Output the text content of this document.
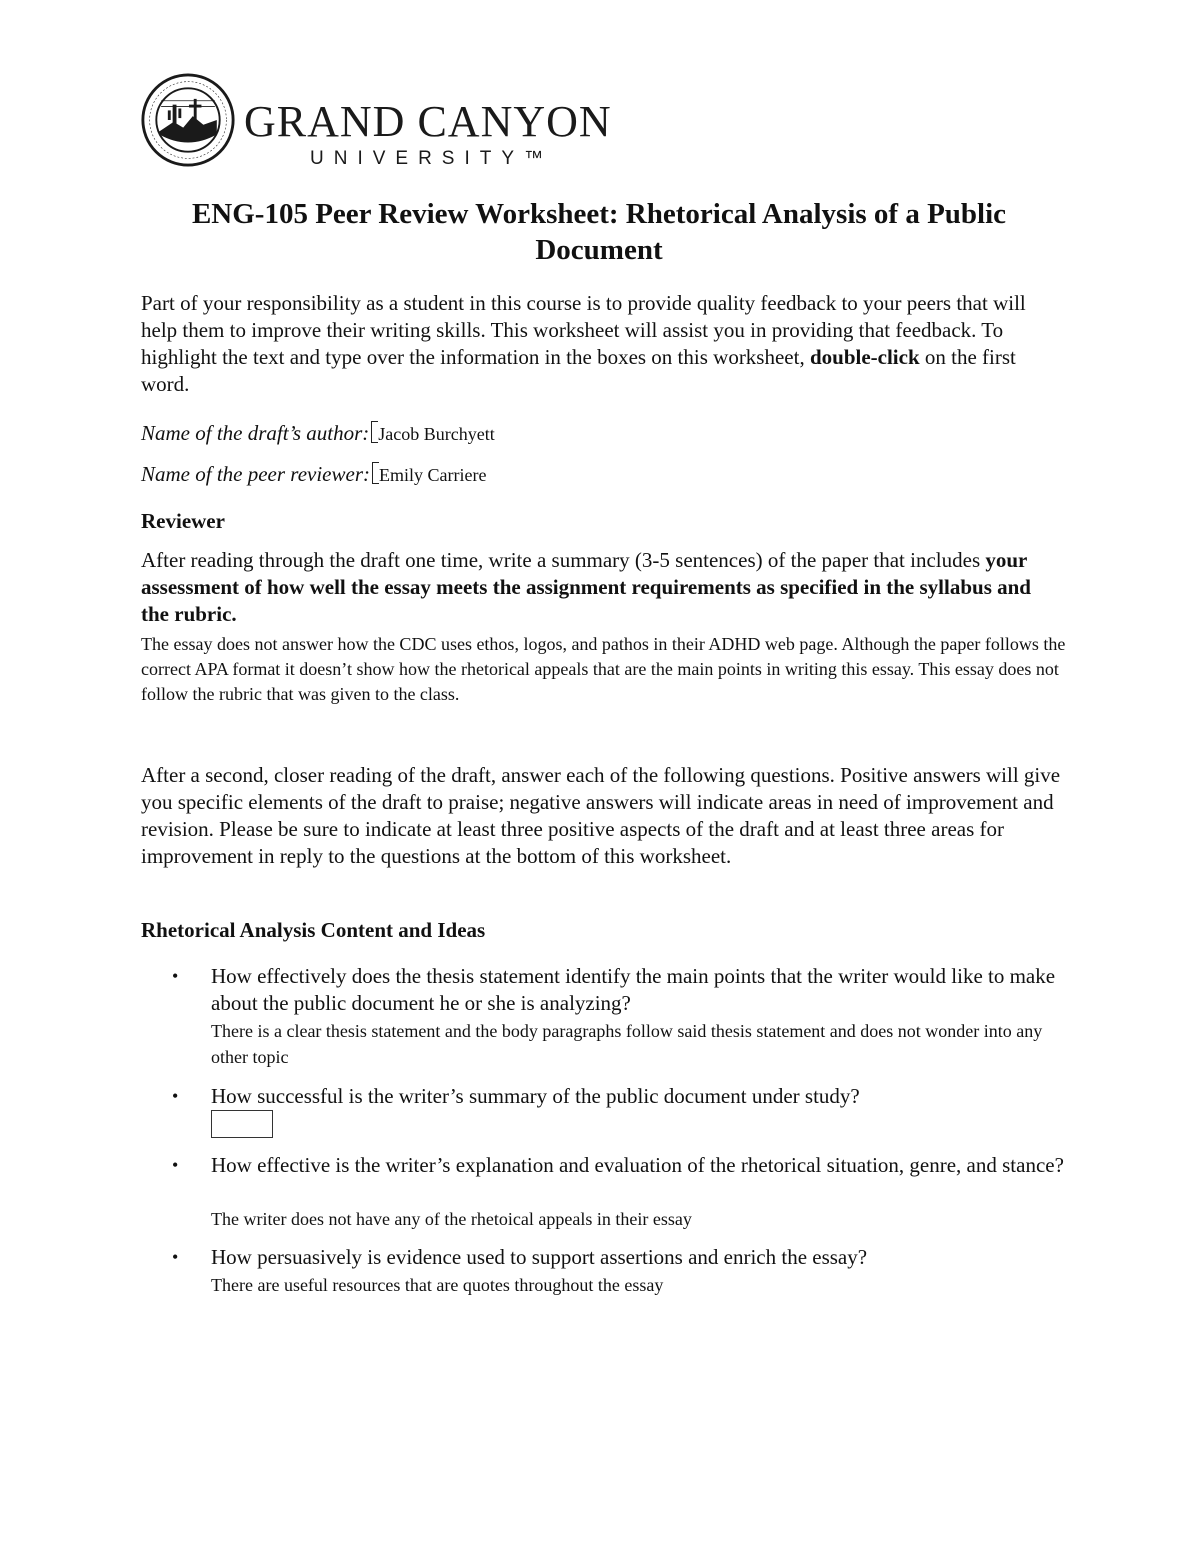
GRAND CANYON
UNIVERSITY™
ENG-105 Peer Review Worksheet: Rhetorical Analysis of a Public Document
Part of your responsibility as a student in this course is to provide quality feedback to your peers that will help them to improve their writing skills. This worksheet will assist you in providing that feedback. To highlight the text and type over the information in the boxes on this worksheet, double-click on the first word.
Name of the draft’s author: Jacob Burchyett
Name of the peer reviewer: Emily Carriere
Reviewer
After reading through the draft one time, write a summary (3-5 sentences) of the paper that includes your assessment of how well the essay meets the assignment requirements as specified in the syllabus and the rubric.
The essay does not answer how the CDC uses ethos, logos, and pathos in their ADHD web page. Although the paper follows the correct APA format it doesn’t show how the rhetorical appeals that are the main points in writing this essay. This essay does not follow the rubric that was given to the class.
After a second, closer reading of the draft, answer each of the following questions. Positive answers will give you specific elements of the draft to praise; negative answers will indicate areas in need of improvement and revision. Please be sure to indicate at least three positive aspects of the draft and at least three areas for improvement in reply to the questions at the bottom of this worksheet.
Rhetorical Analysis Content and Ideas
• How effectively does the thesis statement identify the main points that the writer would like to make about the public document he or she is analyzing?
There is a clear thesis statement and the body paragraphs follow said thesis statement and does not wonder into any other topic
• How successful is the writer’s summary of the public document under study?
• How effective is the writer’s explanation and evaluation of the rhetorical situation, genre, and stance?
The writer does not have any of the rhetoical appeals in their essay
• How persuasively is evidence used to support assertions and enrich the essay?
There are useful resources that are quotes throughout the essay
